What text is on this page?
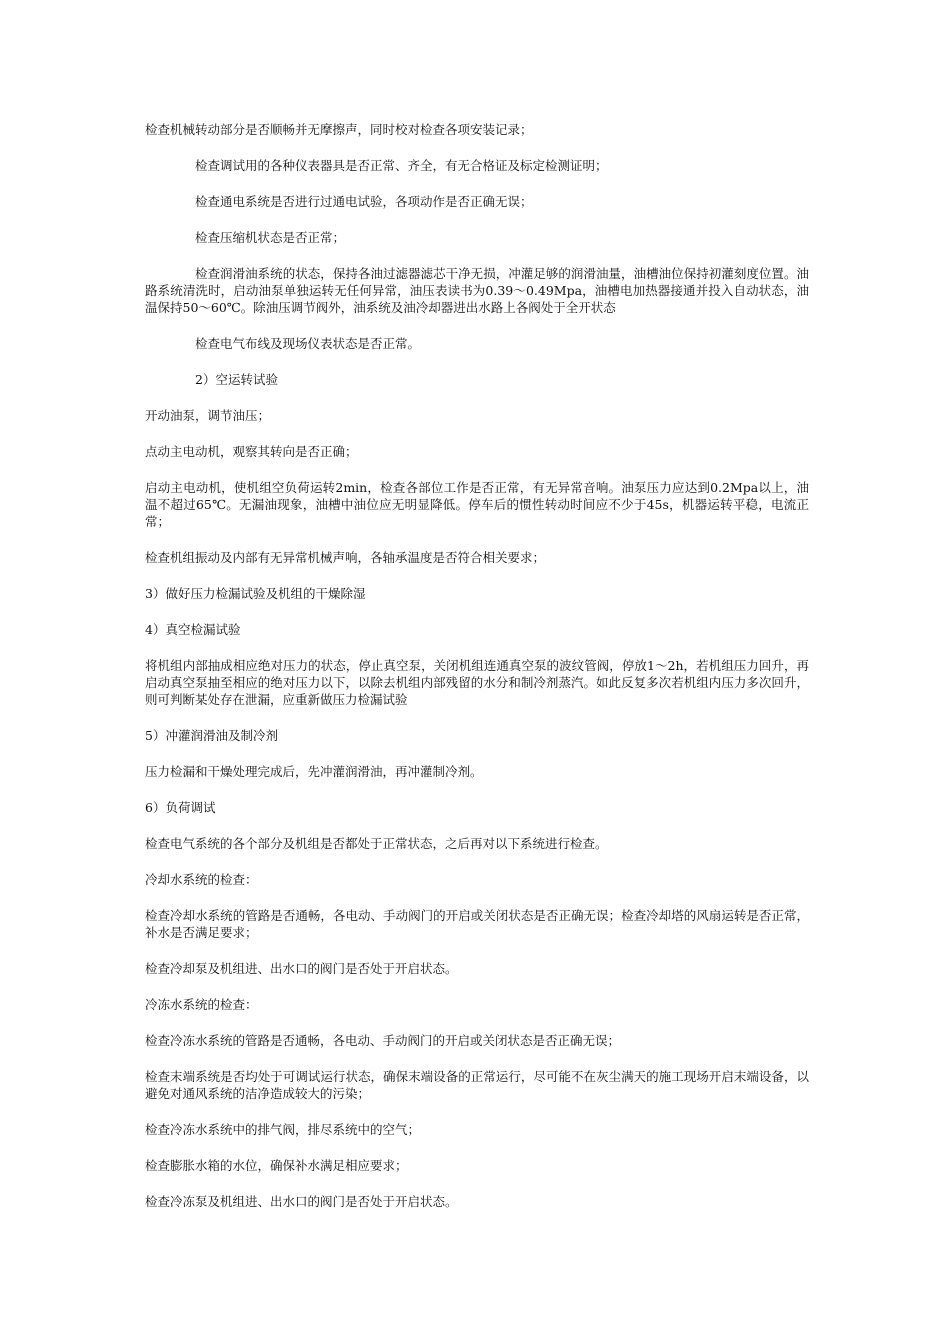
检查机械转动部分是否顺畅并无摩擦声，同时校对检查各项安装记录；

检查调试用的各种仪表器具是否正常、齐全，有无合格证及标定检测证明；

检查通电系统是否进行过通电试验，各项动作是否正确无误；

检查压缩机状态是否正常；

检查润滑油系统的状态，保持各油过滤器滤芯干净无损，冲灌足够的润滑油量，油槽油位保持初灌刻度位置。油路系统清洗时，启动油泵单独运转无任何异常，油压表读书为0.39～0.49Mpa，油槽电加热器接通并投入自动状态，油温保持50～60℃。除油压调节阀外，油系统及油冷却器进出水路上各阀处于全开状态

检查电气布线及现场仪表状态是否正常。

2）空运转试验

开动油泵，调节油压；

点动主电动机，观察其转向是否正确；

启动主电动机，使机组空负荷运转2min，检查各部位工作是否正常，有无异常音响。油泵压力应达到0.2Mpa以上，油温不超过65℃。无漏油现象，油槽中油位应无明显降低。停车后的惯性转动时间应不少于45s，机器运转平稳，电流正常；

检查机组振动及内部有无异常机械声响，各轴承温度是否符合相关要求；

3）做好压力检漏试验及机组的干燥除湿

4）真空检漏试验

将机组内部抽成相应绝对压力的状态，停止真空泵，关闭机组连通真空泵的波纹管阀，停放1～2h，若机组压力回升，再启动真空泵抽至相应的绝对压力以下，以除去机组内部残留的水分和制冷剂蒸汽。如此反复多次若机组内压力多次回升，则可判断某处存在泄漏，应重新做压力检漏试验

5）冲灌润滑油及制冷剂

压力检漏和干燥处理完成后，先冲灌润滑油，再冲灌制冷剂。

6）负荷调试

检查电气系统的各个部分及机组是否都处于正常状态，之后再对以下系统进行检查。

冷却水系统的检查：

检查冷却水系统的管路是否通畅，各电动、手动阀门的开启或关闭状态是否正确无误；检查冷却塔的风扇运转是否正常，补水是否满足要求；

检查冷却泵及机组进、出水口的阀门是否处于开启状态。

冷冻水系统的检查：

检查冷冻水系统的管路是否通畅，各电动、手动阀门的开启或关闭状态是否正确无误；

检查末端系统是否均处于可调试运行状态，确保末端设备的正常运行，尽可能不在灰尘满天的施工现场开启末端设备，以避免对通风系统的洁净造成较大的污染；

检查冷冻水系统中的排气阀，排尽系统中的空气；

检查膨胀水箱的水位，确保补水满足相应要求；

检查冷冻泵及机组进、出水口的阀门是否处于开启状态。
